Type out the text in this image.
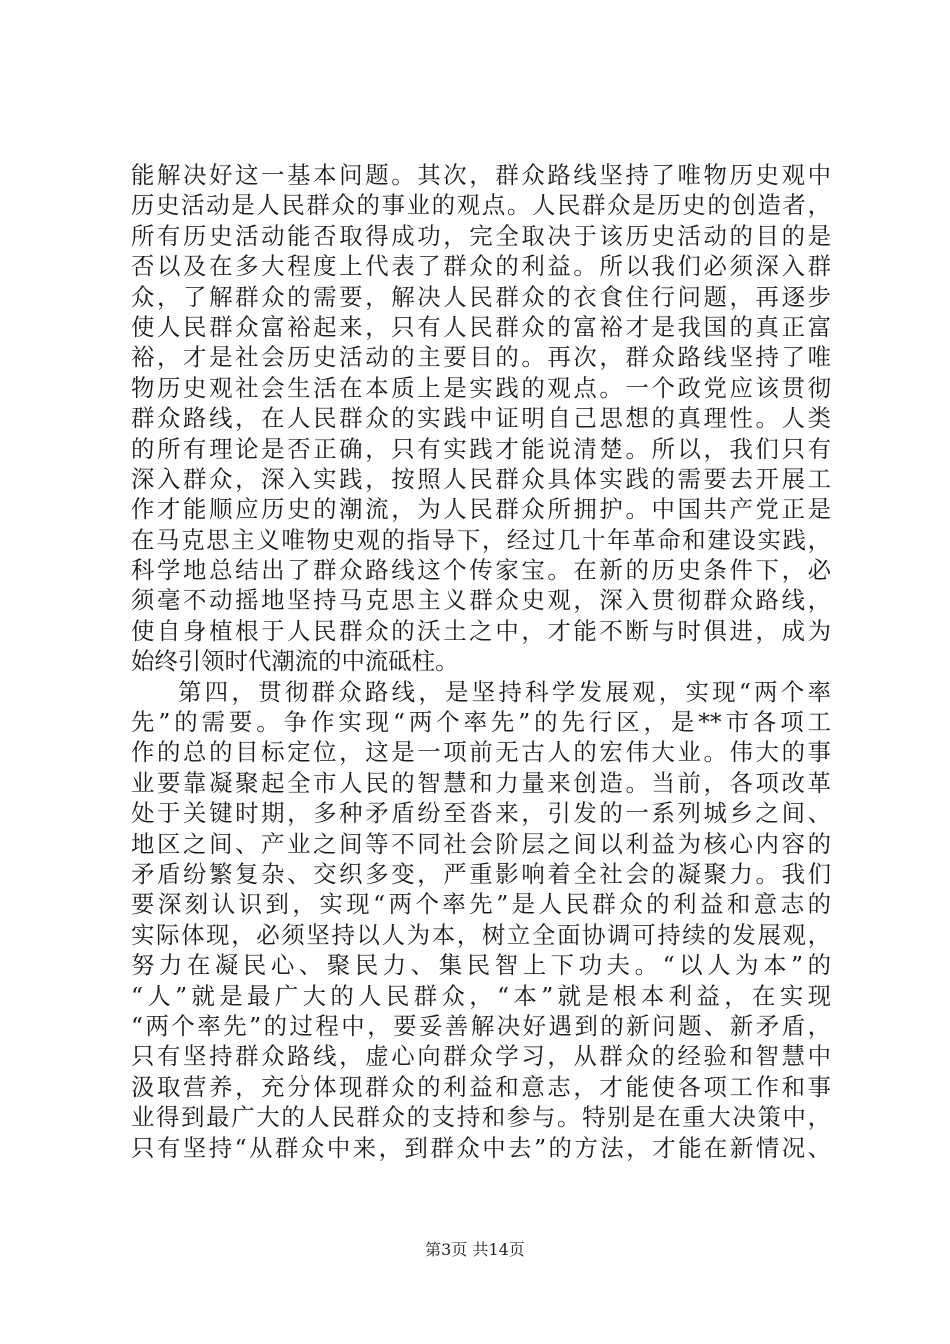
能解决好这一基本问题。其次，群众路线坚持了唯物历史观中
历史活动是人民群众的事业的观点。人民群众是历史的创造者，
所有历史活动能否取得成功，完全取决于该历史活动的目的是
否以及在多大程度上代表了群众的利益。所以我们必须深入群
众，了解群众的需要，解决人民群众的衣食住行问题，再逐步
使人民群众富裕起来，只有人民群众的富裕才是我国的真正富
裕，才是社会历史活动的主要目的。再次，群众路线坚持了唯
物历史观社会生活在本质上是实践的观点。一个政党应该贯彻
群众路线，在人民群众的实践中证明自己思想的真理性。人类
的所有理论是否正确，只有实践才能说清楚。所以，我们只有
深入群众，深入实践，按照人民群众具体实践的需要去开展工
作才能顺应历史的潮流，为人民群众所拥护。中国共产党正是
在马克思主义唯物史观的指导下，经过几十年革命和建设实践，
科学地总结出了群众路线这个传家宝。在新的历史条件下，必
须毫不动摇地坚持马克思主义群众史观，深入贯彻群众路线，
使自身植根于人民群众的沃土之中，才能不断与时俱进，成为
始终引领时代潮流的中流砥柱。
第四，贯彻群众路线，是坚持科学发展观，实现“两个率
先”的需要。争作实现“两个率先”的先行区，是**市各项工
作的总的目标定位，这是一项前无古人的宏伟大业。伟大的事
业要靠凝聚起全市人民的智慧和力量来创造。当前，各项改革
处于关键时期，多种矛盾纷至沓来，引发的一系列城乡之间、
地区之间、产业之间等不同社会阶层之间以利益为核心内容的
矛盾纷繁复杂、交织多变，严重影响着全社会的凝聚力。我们
要深刻认识到，实现“两个率先”是人民群众的利益和意志的
实际体现，必须坚持以人为本，树立全面协调可持续的发展观，
努力在凝民心、聚民力、集民智上下功夫。“以人为本”的
“人”就是最广大的人民群众，“本”就是根本利益，在实现
“两个率先”的过程中，要妥善解决好遇到的新问题、新矛盾，
只有坚持群众路线，虚心向群众学习，从群众的经验和智慧中
汲取营养，充分体现群众的利益和意志，才能使各项工作和事
业得到最广大的人民群众的支持和参与。特别是在重大决策中，
只有坚持“从群众中来，到群众中去”的方法，才能在新情况、
第3页 共14页
